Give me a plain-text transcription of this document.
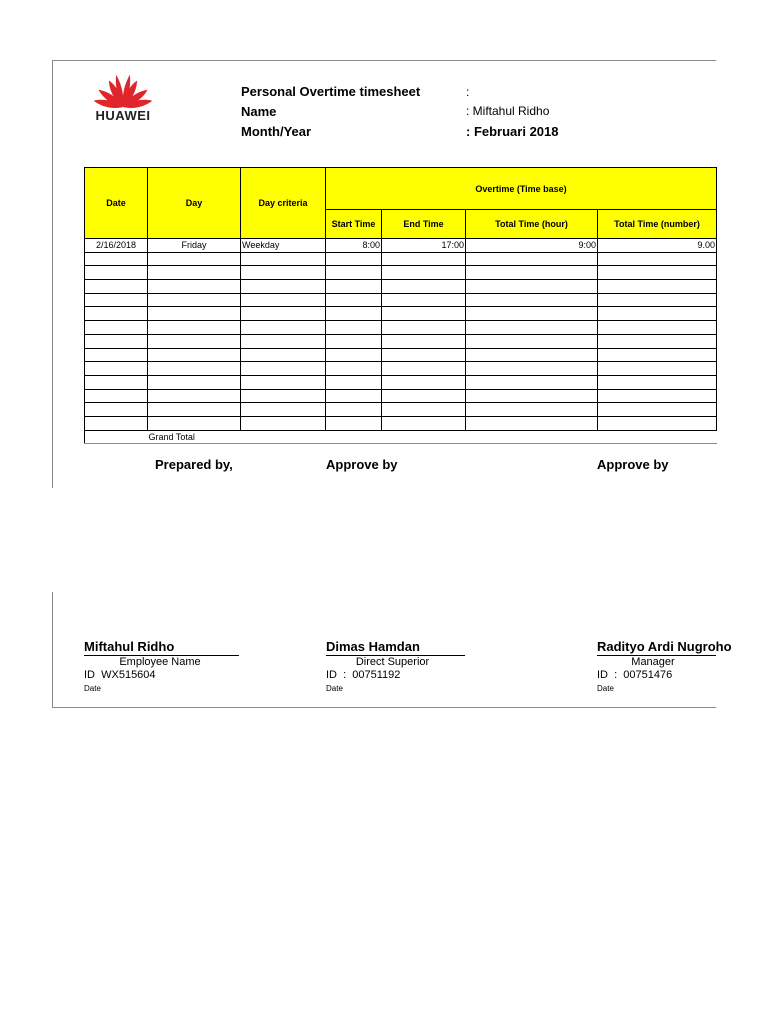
HUAWEI
Personal Overtime timesheet	:
Name	: Miftahul Ridho
Month/Year	: Februari 2018
Date	Day	Day criteria	Overtime (Time base)			
			Start Time	End Time	Total Time (hour)	Total Time (number)
2/16/2018	Friday	Weekday	8:00	17:00	9:00	9.00

	Grand Total					
Prepared by,	Approve by	Approve by
Miftahul Ridho
Employee Name
ID  WX515604
Date
Dimas Hamdan
Direct Superior
ID  :  00751192
Date
Radityo Ardi Nugroho
Manager
ID  :  00751476
Date
